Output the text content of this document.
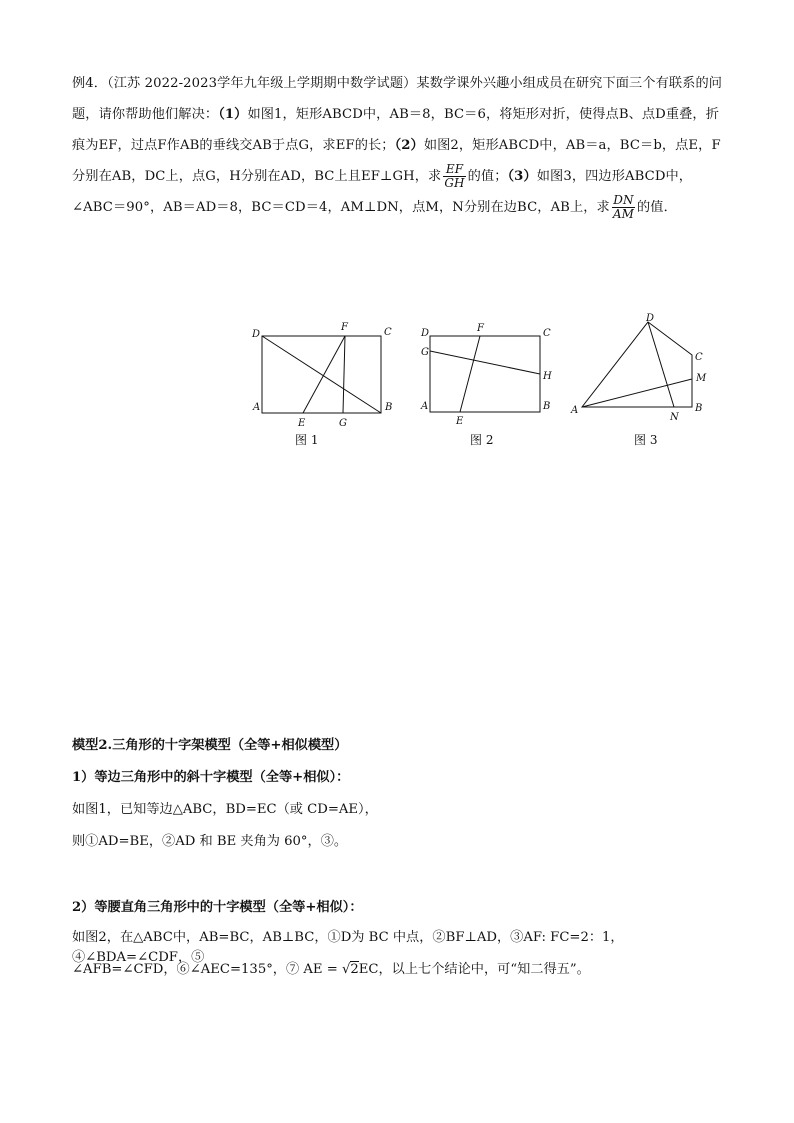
例4．（江苏 2022-2023学年九年级上学期期中数学试题）某数学课外兴趣小组成员在研究下面三个有联系的问题，请你帮助他们解决：（1）如图1，矩形ABCD中，AB＝8，BC＝6，将矩形对折，使得点B、点D重叠，折痕为EF，过点F作AB的垂线交AB于点G，求EF的长；（2）如图2，矩形ABCD中，AB＝a，BC＝b，点E，F分别在AB，DC上，点G，H分别在AD，BC上且EF⊥GH，求 $\frac{EF}{GH}$ 的值；（3）如图3，四边形ABCD中，∠ABC＝90°，AB＝AD＝8，BC＝CD＝4，AM⊥DN，点M，N分别在边BC，AB上，求 $\frac{DN}{AM}$ 的值．
D
F	C
A
E	G
B
D	F	C
G
H
A
E
B
D
C
M
A
N
B
图 1	图 2	图 3
模型2.三角形的十字架模型（全等+相似模型）
1）等边三角形中的斜十字模型（全等+相似）：
如图1，已知等边△ABC，BD=EC（或 CD=AE），
则①AD=BE，②AD 和 BE 夹角为 60°，③。
2）等腰直角三角形中的十字模型（全等+相似）：
如图2，在△ABC中，AB=BC，AB⊥BC，①D为 BC 中点，②BF⊥AD，③AF: FC=2：1，④∠BDA=∠CDF，⑤
∠AFB=∠CFD，⑥∠AEC=135°，⑦ AE = √2EC，以上七个结论中，可“知二得五”。
